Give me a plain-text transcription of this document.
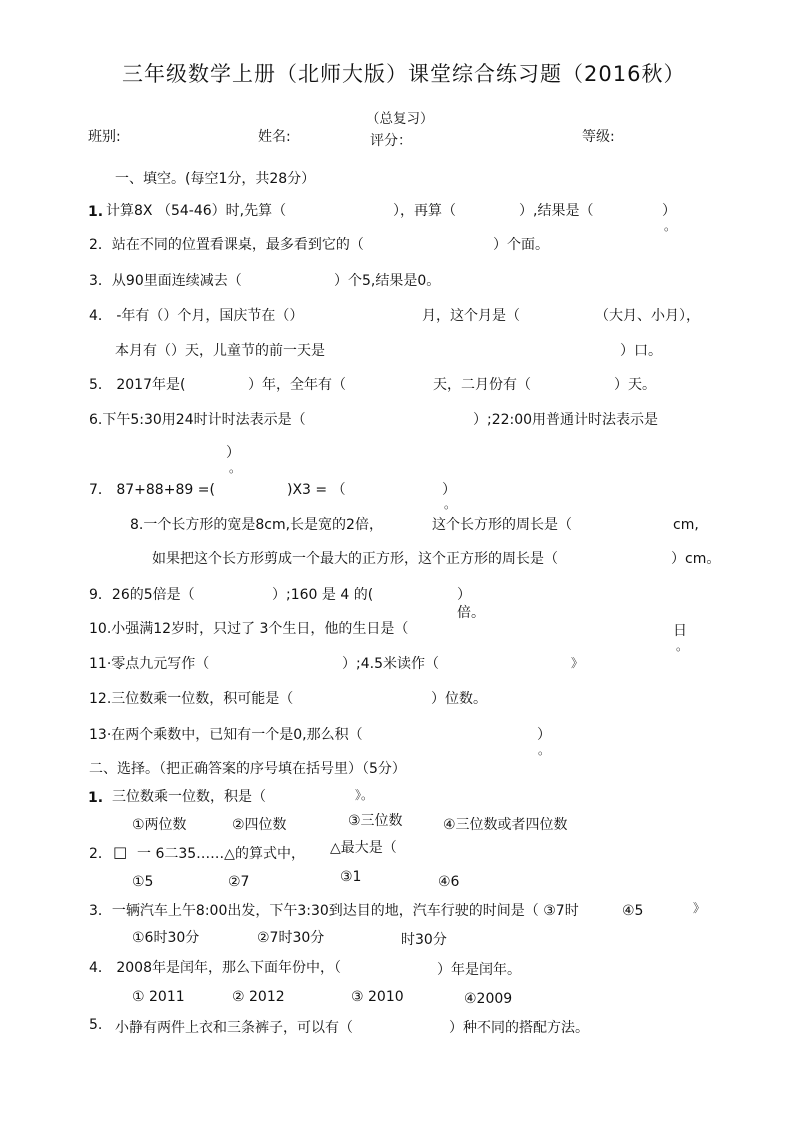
三年级数学上册（北师大版）课堂综合练习题（2016秋）
（总复习）
班别:	姓名:	评分：	等级:
一、填空。(每空1分，共28分）
1. 计算8X （54-46）时,先算（	），再算（	）,结果是（	）
。
2．站在不同的位置看课桌，最多看到它的（	）个面。
3．从90里面连续减去（	）个5,结果是0。
4． -年有（）个月，国庆节在（）	月，这个月是（	（大月、小月），
本月有（）天，儿童节的前一天是	）口。
5． 2017年是(	）年，全年有（	天，二月份有（	）天。
6.下午5:30用24时计时法表示是（	）;22:00用普通计时法表示是
）
。
7． 87+88+89 =(	)X3 = （	）
。
8.一个长方形的宽是8cm,长是宽的2倍，	这个长方形的周长是（	cm,
如果把这个长方形剪成一个最大的正方形，这个正方形的周长是（	）cm。
9．26的5倍是（	）;160 是 4 的(	）
倍。
10.小强满12岁时，只过了 3个生日，他的生日是（	日
。
11·零点九元写作（	）;4.5米读作（	》
12.三位数乘一位数，积可能是（	）位数。
13·在两个乘数中，已知有一个是0,那么积（	）
。
二、选择。（把正确答案的序号填在括号里）（5分）
1. 三位数乘一位数，积是（	》。
①两位数	②四位数	③三位数	④三位数或者四位数
2． □ 一 6二35……△的算式中， △最大是（
①5	②7	③1	④6
3．一辆汽车上午8:00出发，下午3:30到达目的地，汽车行驶的时间是（ ③7时	④5	》
①6时30分	②7时30分	时30分
4． 2008年是闰年，那么下面年份中，（	）年是闰年。
① 2011	② 2012	③ 2010	④2009
5. 小静有两件上衣和三条裤子，可以有（	）种不同的搭配方法。
